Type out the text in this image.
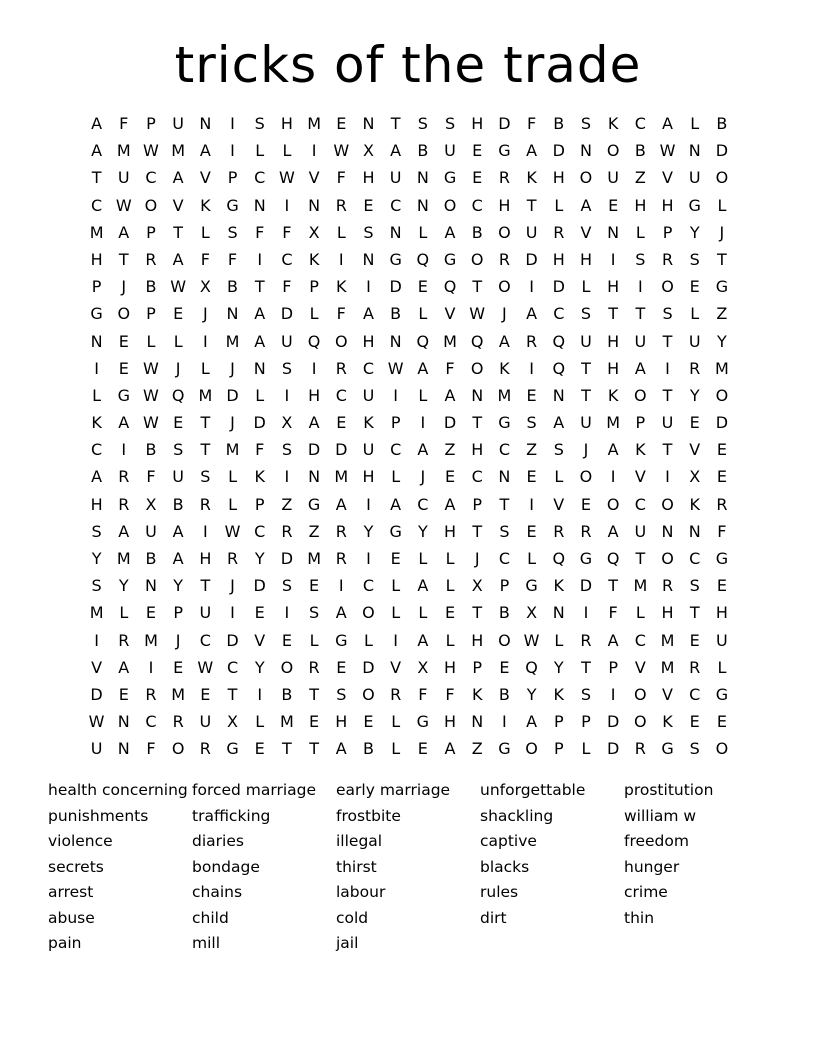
tricks of the trade
A	F	P	U N	I	S	H M E	N	T	S	S	H D	F	B	S	K	C	A	L	B
A M W M A	I	L	L	I	W X	A	B U	E G A D N O B W N D
T	U C	A	V	P	C W V	F	H U N G E	R	K H O U Z	V U O
C W O V	K G N	I	N R	E	C N O C H	T	L	A	E	H H G	L
M A	P	T	L	S	F	F	X	L	S	N	L	A	B O U R	V N	L	P	Y	J
H	T	R	A	F	F	I	C	K	I	N G Q G O R D H H	I	S	R	S	T
P	J	B W X	B	T	F	P	K	I	D E Q	T	O	I	D	L	H	I	O E G
G O	P	E	J	N A D	L	F	A	B	L	V W	J	A	C	S	T	T	S	L	Z
N	E	L	L	I	M A U Q O H N Q M Q A	R Q U H U	T	U	Y
I	E W	J	L	J	N	S	I	R	C W A	F	O K	I	Q	T	H A	I	R M
L	G W Q M D	L	I	H C U	I	L	A N M E	N	T	K O	T	Y	O
K	A W E	T	J	D X	A	E	K	P	I	D	T	G S	A U M P	U	E D
C	I	B	S	T M F	S D D U C	A	Z H C	Z	S	J	A	K	T	V	E
A	R	F	U	S	L	K	I	N M H	L	J	E	C N	E	L	O	I	V	I	X	E
H R	X	B	R	L	P	Z G A	I	A	C	A	P	T	I	V	E O C O K	R
S	A U A	I	W C	R	Z	R	Y	G	Y	H	T	S	E	R	R	A U N N	F
Y M B	A H R	Y	D M R	I	E	L	L	J	C	L	Q G Q	T	O C G
S	Y	N	Y	T	J	D S	E	I	C	L	A	L	X	P	G K D	T M R	S	E
M L	E	P	U	I	E	I	S	A O	L	L	E	T	B	X N	I	F	L	H	T	H
I	R M	J	C D V	E	L	G	L	I	A	L	H O W L	R	A	C M E	U
V	A	I	E W C	Y	O R	E D V	X H	P	E Q	Y	T	P	V M R	L
D E	R M E	T	I	B	T	S O R	F	F	K	B	Y	K	S	I	O V	C G
W N C	R U X	L M E	H	E	L	G H N	I	A	P	P	D O K	E	E
U N	F	O R G E	T	T	A	B	L	E	A	Z G O	P	L	D R G S O
health concerning
punishments
violence
secrets
arrest
abuse
pain
forced marriage
trafficking
diaries
bondage
chains
child
mill
early marriage
frostbite
illegal
thirst
labour
cold
jail
unforgettable
shackling
captive
blacks
rules
dirt
prostitution
william w
freedom
hunger
crime
thin
